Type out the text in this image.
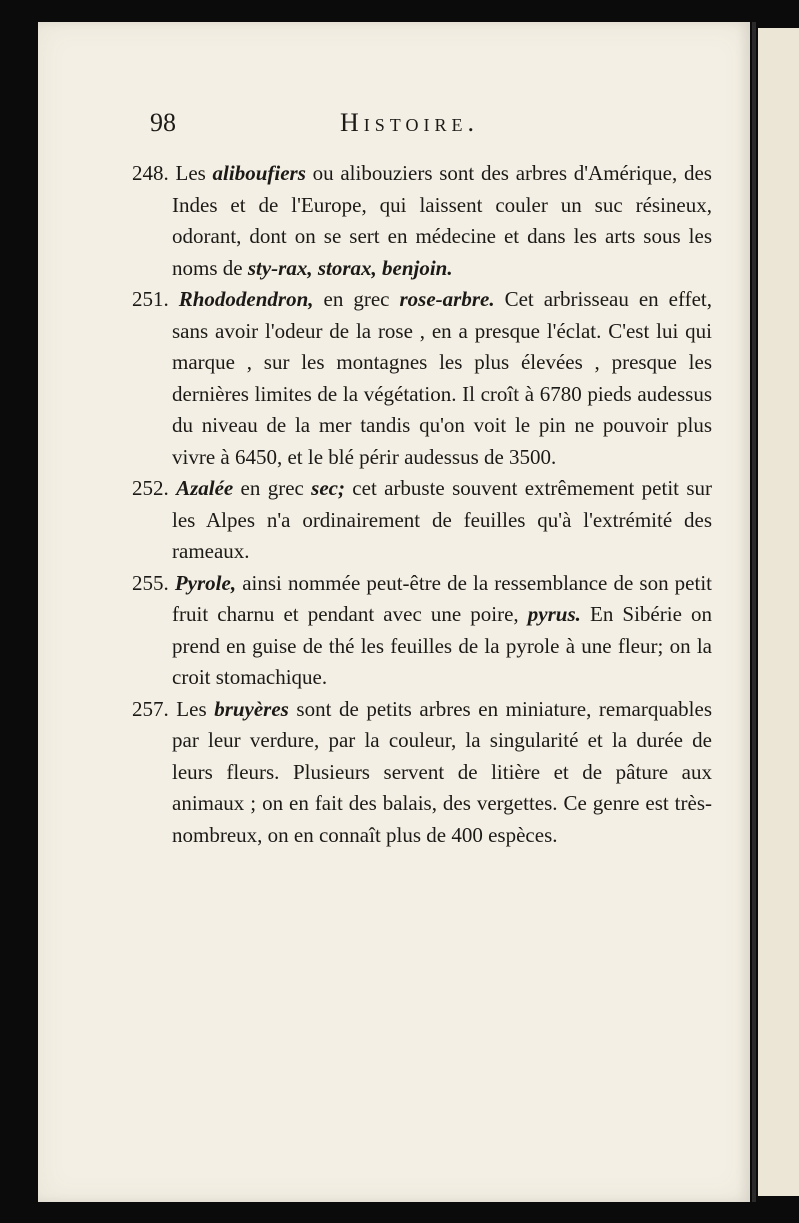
98	Histoire.

248. Les aliboufiers ou alibouziers sont des arbres d'Amérique, des Indes et de l'Europe, qui laissent couler un suc résineux, odorant, dont on se sert en médecine et dans les arts sous les noms de sty-rax, storax, benjoin.

251. Rhododendron, en grec rose-arbre. Cet arbrisseau en effet, sans avoir l'odeur de la rose , en a presque l'éclat. C'est lui qui marque , sur les montagnes les plus élevées , presque les dernières limites de la végétation. Il croît à 6780 pieds audessus du niveau de la mer tandis qu'on voit le pin ne pouvoir plus vivre à 6450, et le blé périr audessus de 3500.

252. Azalée en grec sec; cet arbuste souvent extrêmement petit sur les Alpes n'a ordinairement de feuilles qu'à l'extrémité des rameaux.

255. Pyrole, ainsi nommée peut-être de la ressemblance de son petit fruit charnu et pendant avec une poire, pyrus. En Sibérie on prend en guise de thé les feuilles de la pyrole à une fleur; on la croit stomachique.

257. Les bruyères sont de petits arbres en miniature, remarquables par leur verdure, par la couleur, la singularité et la durée de leurs fleurs. Plusieurs servent de litière et de pâture aux animaux ; on en fait des balais, des vergettes. Ce genre est très-nombreux, on en connaît plus de 400 espèces.
